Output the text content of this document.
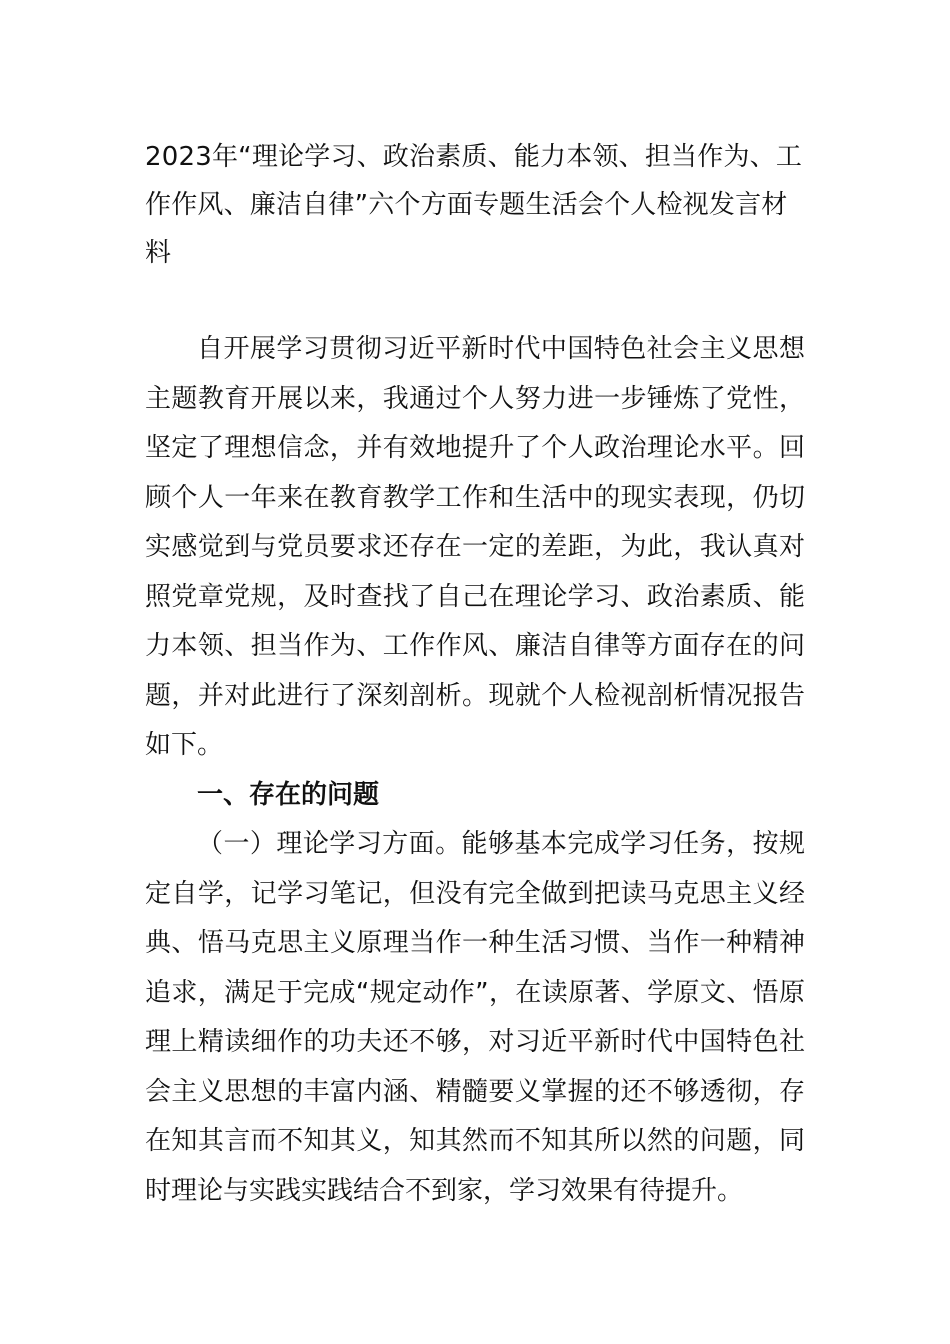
2023年“理论学习、政治素质、能力本领、担当作为、工作作风、廉洁自律”六个方面专题生活会个人检视发言材料

自开展学习贯彻习近平新时代中国特色社会主义思想主题教育开展以来，我通过个人努力进一步锤炼了党性，坚定了理想信念，并有效地提升了个人政治理论水平。回顾个人一年来在教育教学工作和生活中的现实表现，仍切实感觉到与党员要求还存在一定的差距，为此，我认真对照党章党规，及时查找了自己在理论学习、政治素质、能力本领、担当作为、工作作风、廉洁自律等方面存在的问题，并对此进行了深刻剖析。现就个人检视剖析情况报告如下。

一、存在的问题

（一）理论学习方面。能够基本完成学习任务，按规定自学，记学习笔记，但没有完全做到把读马克思主义经典、悟马克思主义原理当作一种生活习惯、当作一种精神追求，满足于完成“规定动作”，在读原著、学原文、悟原理上精读细作的功夫还不够，对习近平新时代中国特色社会主义思想的丰富内涵、精髓要义掌握的还不够透彻，存在知其言而不知其义，知其然而不知其所以然的问题，同时理论与实践实践结合不到家，学习效果有待提升。
